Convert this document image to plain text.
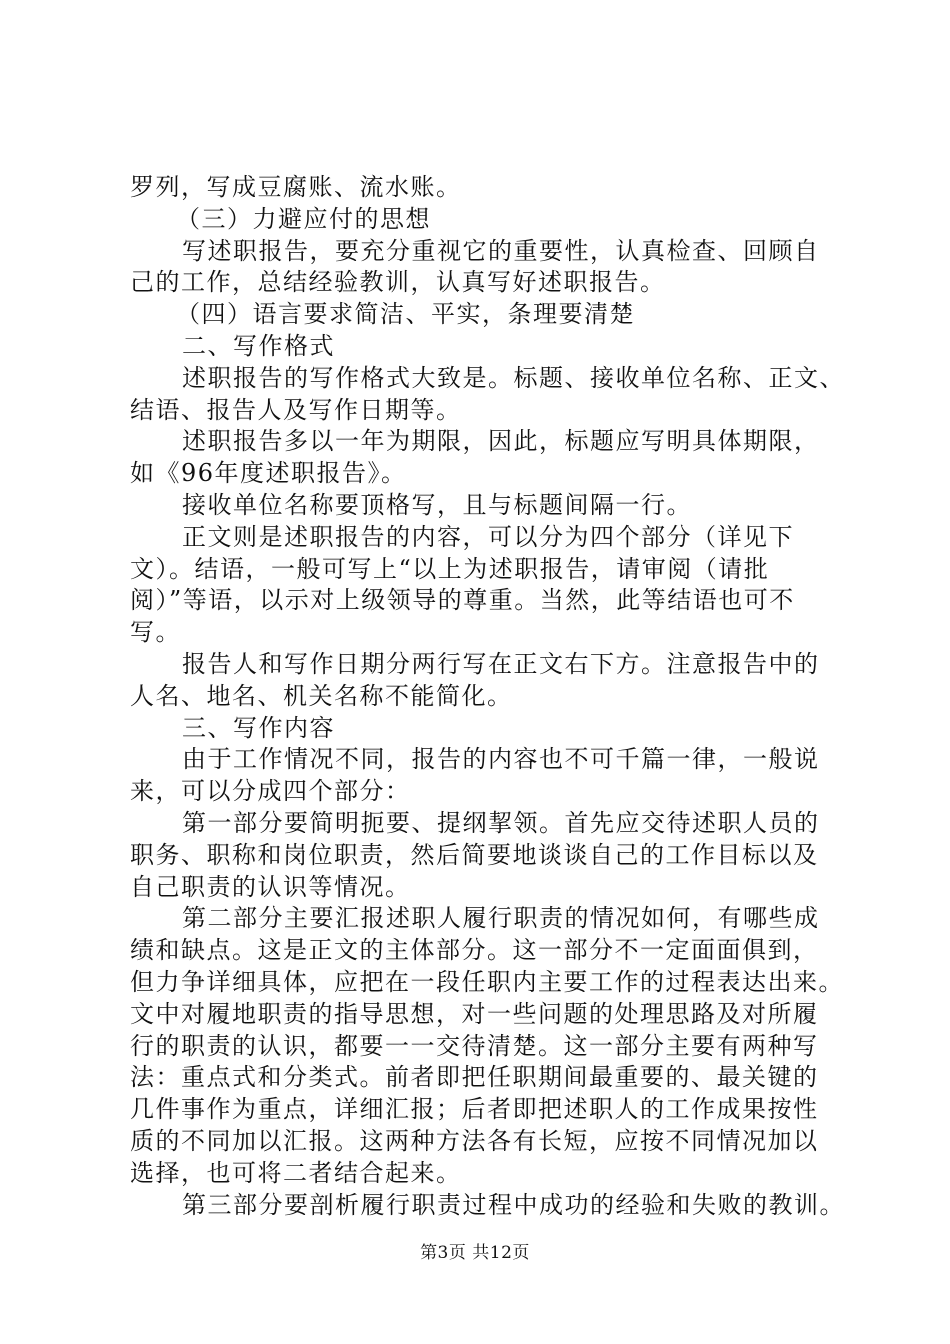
罗列，写成豆腐账、流水账。
（三）力避应付的思想
写述职报告，要充分重视它的重要性，认真检查、回顾自
己的工作，总结经验教训，认真写好述职报告。
（四）语言要求简洁、平实，条理要清楚
二、写作格式
述职报告的写作格式大致是。标题、接收单位名称、正文、
结语、报告人及写作日期等。
述职报告多以一年为期限，因此，标题应写明具体期限，
如《96年度述职报告》。
接收单位名称要顶格写，且与标题间隔一行。
正文则是述职报告的内容，可以分为四个部分（详见下
文）。结语，一般可写上“以上为述职报告，请审阅（请批
阅）”等语，以示对上级领导的尊重。当然，此等结语也可不
写。
报告人和写作日期分两行写在正文右下方。注意报告中的
人名、地名、机关名称不能简化。
三、写作内容
由于工作情况不同，报告的内容也不可千篇一律，一般说
来，可以分成四个部分：
第一部分要简明扼要、提纲挈领。首先应交待述职人员的
职务、职称和岗位职责，然后简要地谈谈自己的工作目标以及
自己职责的认识等情况。
第二部分主要汇报述职人履行职责的情况如何，有哪些成
绩和缺点。这是正文的主体部分。这一部分不一定面面俱到，
但力争详细具体，应把在一段任职内主要工作的过程表达出来。
文中对履地职责的指导思想，对一些问题的处理思路及对所履
行的职责的认识，都要一一交待清楚。这一部分主要有两种写
法：重点式和分类式。前者即把任职期间最重要的、最关键的
几件事作为重点，详细汇报；后者即把述职人的工作成果按性
质的不同加以汇报。这两种方法各有长短，应按不同情况加以
选择，也可将二者结合起来。
第三部分要剖析履行职责过程中成功的经验和失败的教训。
第3页 共12页
